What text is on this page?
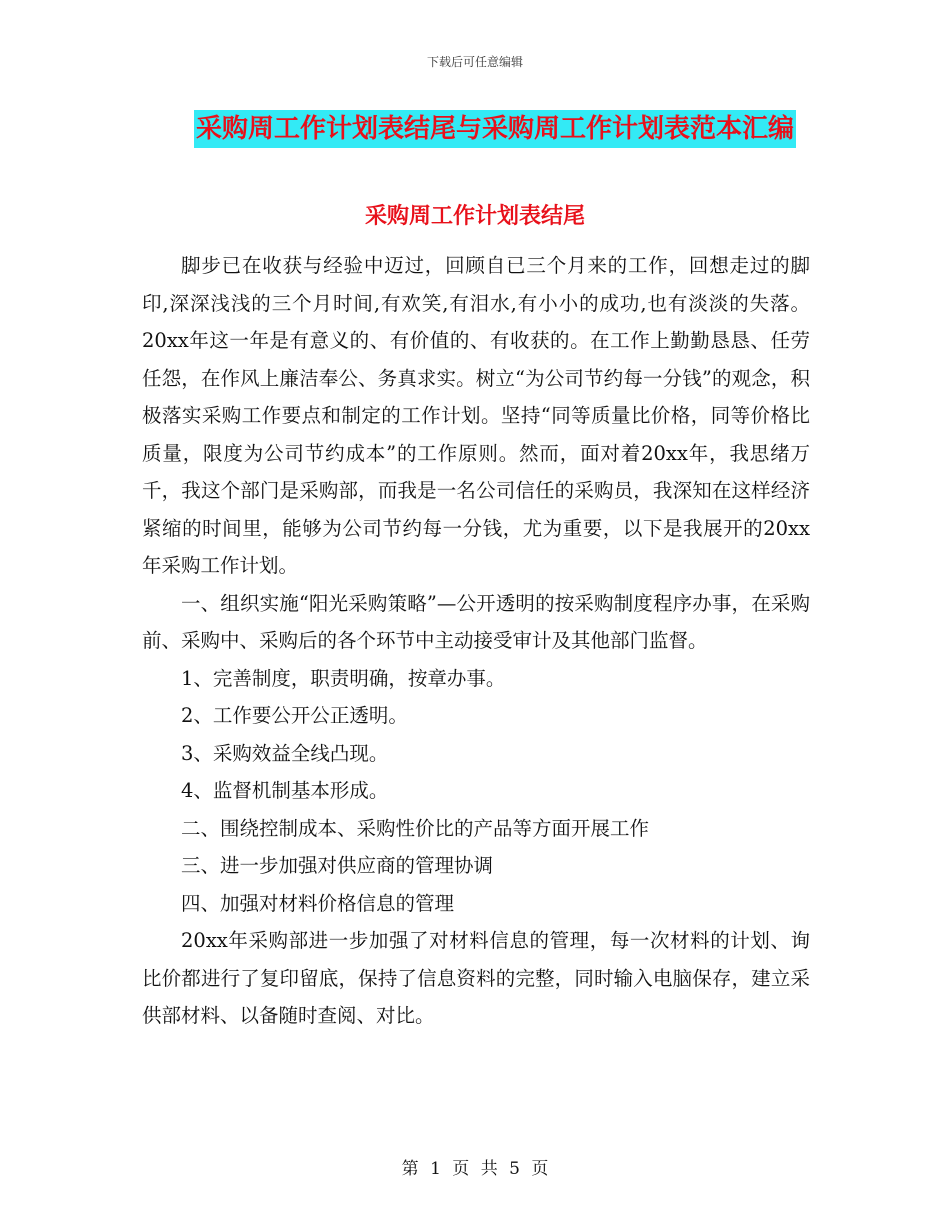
下载后可任意编辑
采购周工作计划表结尾与采购周工作计划表范本汇编
采购周工作计划表结尾

脚步已在收获与经验中迈过，回顾自已三个月来的工作，回想走过的脚印,深深浅浅的三个月时间,有欢笑,有泪水,有小小的成功,也有淡淡的失落。20xx年这一年是有意义的、有价值的、有收获的。在工作上勤勤恳恳、任劳任怨，在作风上廉洁奉公、务真求实。树立“为公司节约每一分钱”的观念，积极落实采购工作要点和制定的工作计划。坚持“同等质量比价格，同等价格比质量，限度为公司节约成本”的工作原则。然而，面对着20xx年，我思绪万千，我这个部门是采购部，而我是一名公司信任的采购员，我深知在这样经济紧缩的时间里，能够为公司节约每一分钱，尤为重要，以下是我展开的20xx年采购工作计划。

一、组织实施“阳光采购策略”—公开透明的按采购制度程序办事，在采购前、采购中、采购后的各个环节中主动接受审计及其他部门监督。

1、完善制度，职责明确，按章办事。

2、工作要公开公正透明。

3、采购效益全线凸现。

4、监督机制基本形成。

二、围绕控制成本、采购性价比的产品等方面开展工作

三、进一步加强对供应商的管理协调

四、加强对材料价格信息的管理

20xx年采购部进一步加强了对材料信息的管理，每一次材料的计划、询比价都进行了复印留底，保持了信息资料的完整，同时输入电脑保存，建立采供部材料、以备随时查阅、对比。

第 1 页 共 5 页
